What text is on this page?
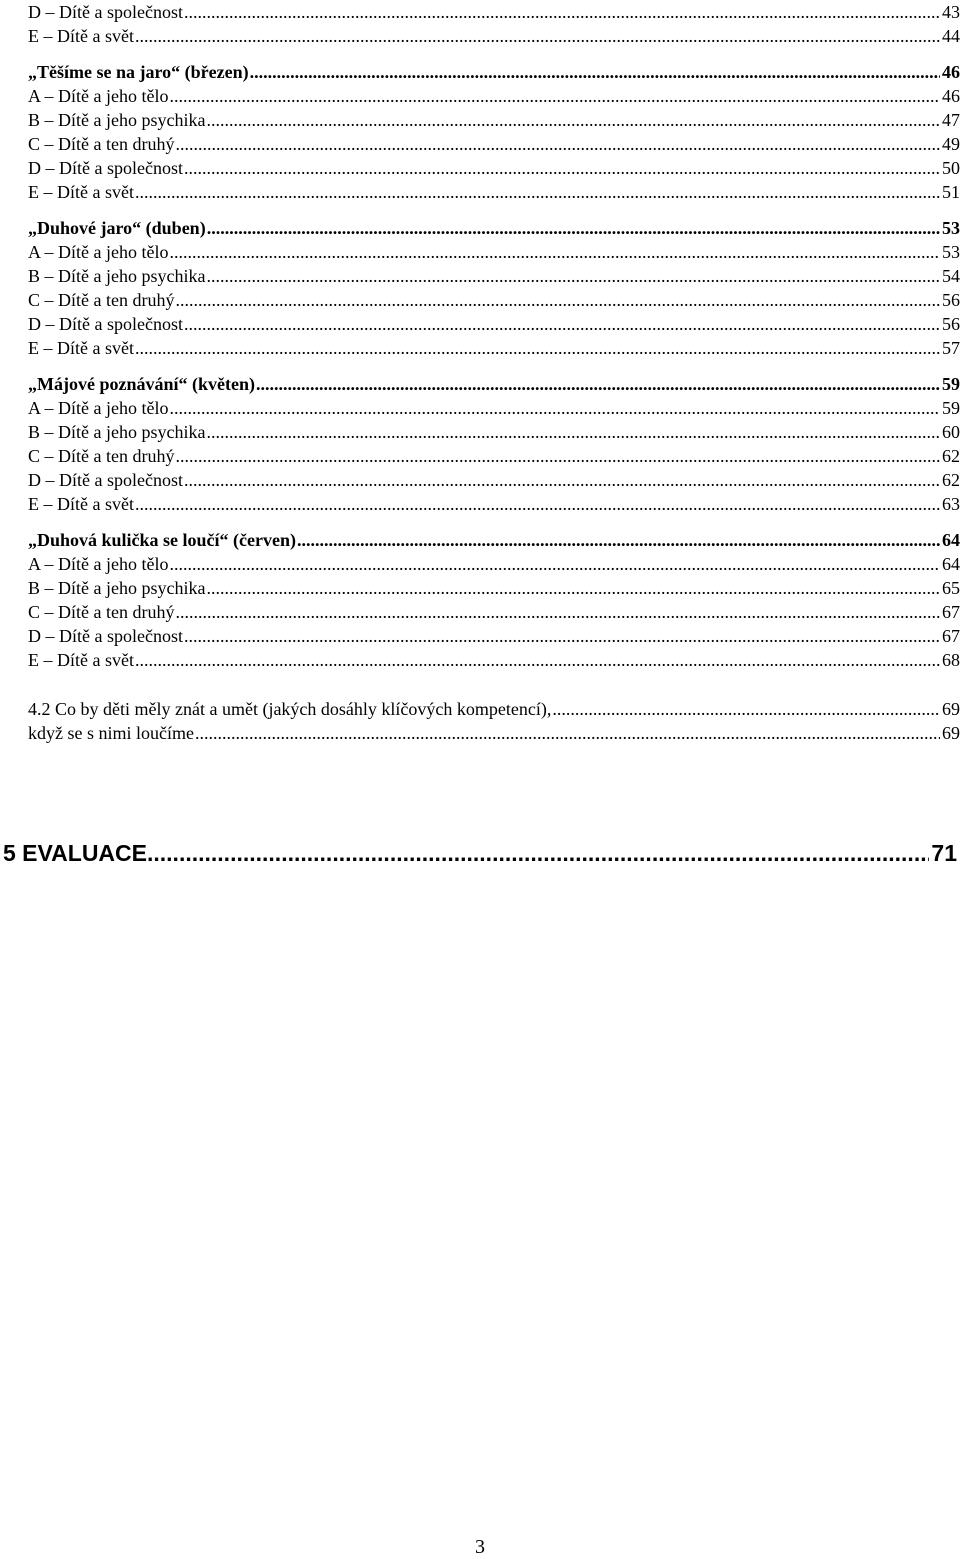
D – Dítě a společnost .....	43
E – Dítě a svět .....	44
„Těšíme se na jaro“ (březen) .....	46
A – Dítě a jeho tělo .....	46
B – Dítě a jeho psychika .....	47
C – Dítě a ten druhý .....	49
D – Dítě a společnost .....	50
E – Dítě a svět .....	51
„Duhové jaro“ (duben) .....	53
A – Dítě a jeho tělo .....	53
B – Dítě a jeho psychika .....	54
C – Dítě a ten druhý .....	56
D – Dítě a společnost .....	56
E – Dítě a svět .....	57
„Májové poznávání“ (květen) .....	59
A – Dítě a jeho tělo .....	59
B – Dítě a jeho psychika .....	60
C – Dítě a ten druhý .....	62
D – Dítě a společnost .....	62
E – Dítě a svět .....	63
„Duhová kulička se loučí“ (červen) .....	64
A – Dítě a jeho tělo .....	64
B – Dítě a jeho psychika .....	65
C – Dítě a ten druhý .....	67
D – Dítě a společnost .....	67
E – Dítě a svět .....	68
4.2 Co by děti měly znát a umět (jakých dosáhly klíčových kompetencí), .....	69
když se s nimi loučíme .....	69
5 EVALUACE .....	71
3
